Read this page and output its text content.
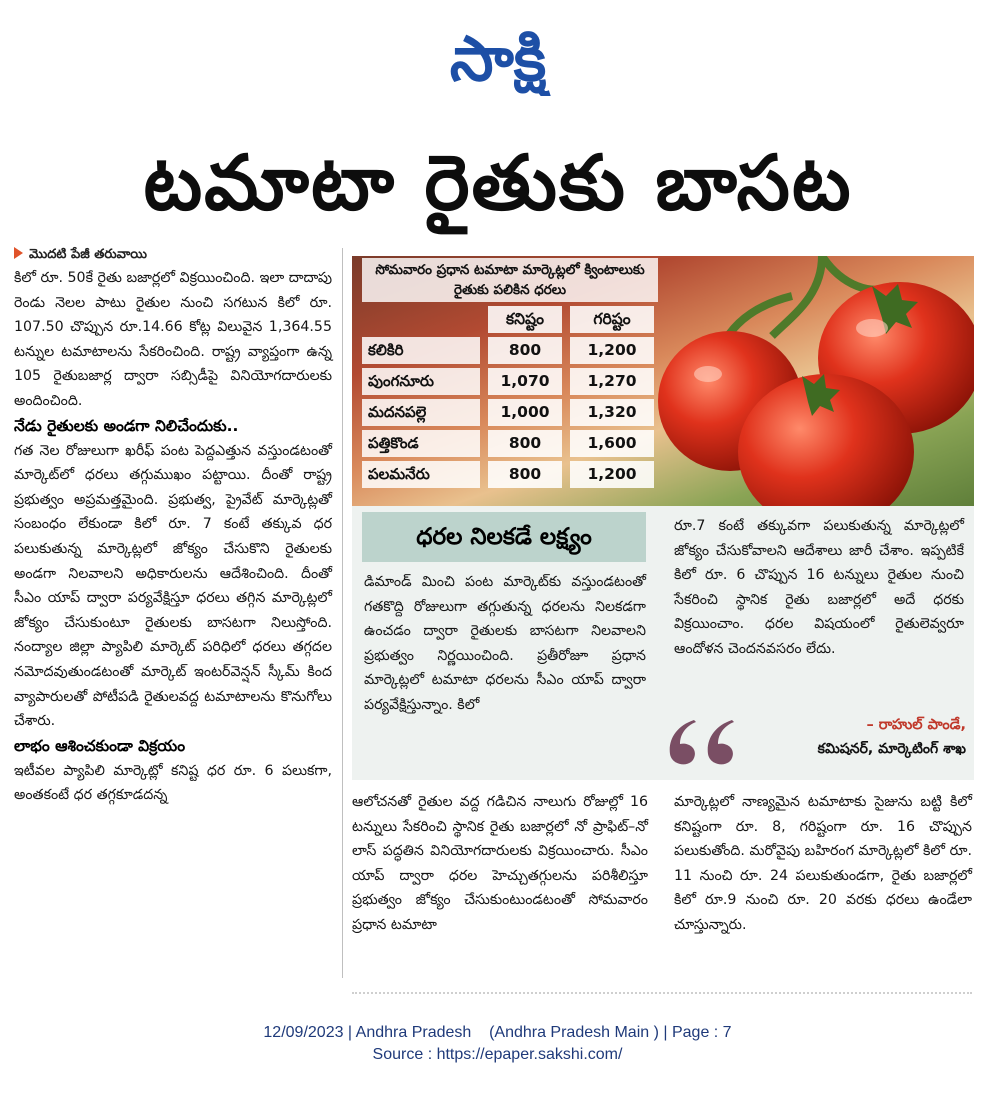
సాక్షి
టమాటా రైతుకు బాసట
మొదటి పేజీ తరువాయి

కిలో రూ. 50కే రైతు బజార్లలో విక్రయించింది. ఇలా దాదాపు రెండు నెలల పాటు రైతుల నుంచి సగటున కిలో రూ. 107.50 చొప్పున రూ.14.66 కోట్ల విలువైన 1,364.55 టన్నుల టమాటాలను సేకరించింది. రాష్ట్ర వ్యాప్తంగా ఉన్న 105 రైతుబజార్ల ద్వారా సబ్సిడీపై వినియోగదారులకు అందించింది.

నేడు రైతులకు అండగా నిలిచేందుకు..

గత నెల రోజులుగా ఖరీఫ్ పంట పెద్దఎత్తున వస్తుండటంతో మార్కెట్‌లో ధరలు తగ్గుముఖం పట్టాయి. దీంతో రాష్ట్ర ప్రభుత్వం అప్రమత్తమైంది. ప్రభుత్వ, ప్రైవేట్ మార్కెట్లతో సంబంధం లేకుండా కిలో రూ. 7 కంటే తక్కువ ధర పలుకుతున్న మార్కెట్లలో జోక్యం చేసుకొని రైతులకు అండగా నిలవాలని అధికారులను ఆదేశించింది. దీంతో సీఎం యాప్ ద్వారా పర్యవేక్షిస్తూ ధరలు తగ్గిన మార్కెట్లలో జోక్యం చేసుకుంటూ రైతులకు బాసటగా నిలుస్తోంది. నంద్యాల జిల్లా ప్యాపిలి మార్కెట్ పరిధిలో ధరలు తగ్గదల నమోదవుతుండటంతో మార్కెట్ ఇంటర్‌వెన్షన్ స్కీమ్ కింద వ్యాపారులతో పోటీపడి రైతులవద్ద టమాటాలను కొనుగోలు చేశారు.

లాభం ఆశించకుండా విక్రయం

ఇటీవల ప్యాపిలి మార్కెట్లో కనిష్ట ధర రూ. 6 పలుకగా, అంతకంటే ధర తగ్గకూడదన్న

సోమవారం ప్రధాన టమాటా మార్కెట్లలో క్వింటాలుకు రైతుకు పలికిన ధరలు
కనిష్టం	గరిష్టం
కలికిరి	800	1,200
పుంగనూరు	1,070	1,270
మదనపల్లె	1,000	1,320
పత్తికొండ	800	1,600
పలమనేరు	800	1,200
ధరల నిలకడే లక్ష్యం

డిమాండ్ మించి పంట మార్కెట్‌కు వస్తుండటంతో గతకొద్ది రోజులుగా తగ్గుతున్న ధరలను నిలకడగా ఉంచడం ద్వారా రైతులకు బాసటగా నిలవాలని ప్రభుత్వం నిర్ణయించింది. ప్రతీరోజూ ప్రధాన మార్కెట్లలో టమాటా ధరలను సీఎం యాప్ ద్వారా పర్యవేక్షిస్తున్నాం. కిలో

రూ.7 కంటే తక్కువగా పలుకుతున్న మార్కెట్లలో జోక్యం చేసుకోవాలని ఆదేశాలు జారీ చేశాం. ఇప్పటికే కిలో రూ. 6 చొప్పున 16 టన్నులు రైతుల నుంచి సేకరించి స్థానిక రైతు బజార్లలో అదే ధరకు విక్రయించాం. ధరల విషయంలో రైతులెవ్వరూ ఆందోళన చెందనవసరం లేదు.

– రాహుల్ పాండే,
కమిషనర్, మార్కెటింగ్ శాఖ

ఆలోచనతో రైతుల వద్ద గడిచిన నాలుగు రోజుల్లో 16 టన్నులు సేకరించి స్థానిక రైతు బజార్లలో నో ప్రాఫిట్–నో లాస్ పద్ధతిన వినియోగదారులకు విక్రయించారు. సీఎం యాప్ ద్వారా ధరల హెచ్చుతగ్గులను పరిశీలిస్తూ ప్రభుత్వం జోక్యం చేసుకుంటుండటంతో సోమవారం ప్రధాన టమాటా

మార్కెట్లలో నాణ్యమైన టమాటాకు సైజును బట్టి కిలో కనిష్టంగా రూ. 8, గరిష్టంగా రూ. 16 చొప్పున పలుకుతోంది. మరోవైపు బహిరంగ మార్కెట్లలో కిలో రూ. 11 నుంచి రూ. 24 పలుకుతుండగా, రైతు బజార్లలో కిలో రూ.9 నుంచి రూ. 20 వరకు ధరలు ఉండేలా చూస్తున్నారు.

12/09/2023 | Andhra Pradesh    (Andhra Pradesh Main ) | Page : 7
Source : https://epaper.sakshi.com/
